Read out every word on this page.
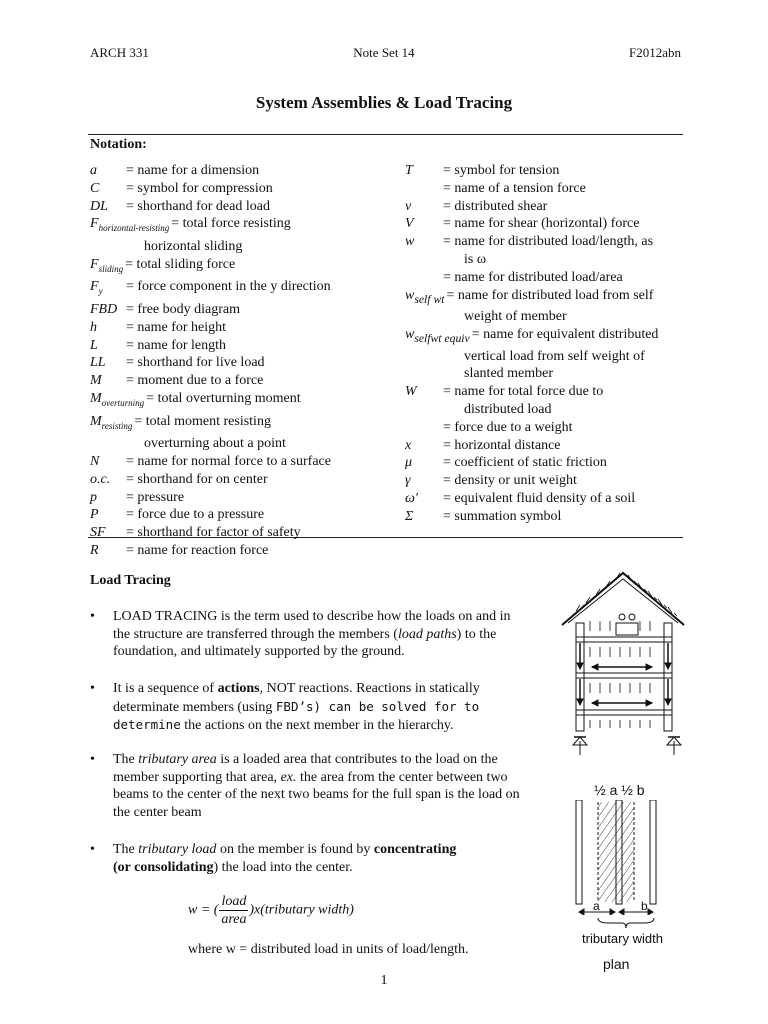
ARCH 331	Note Set 14	F2012abn
System Assemblies & Load Tracing
Notation:
a = name for a dimension
C = symbol for compression
DL = shorthand for dead load
$F_{horizontal-resisting}$ = total force resisting
horizontal sliding
$F_{sliding}$ = total sliding force
$F_y$ = force component in the y direction
FBD = free body diagram
h = name for height
L = name for length
LL = shorthand for live load
M = moment due to a force
$M_{overturning}$ = total overturning moment
$M_{resisting}$ = total moment resisting
overturning about a point
N = name for normal force to a surface
o.c. = shorthand for on center
p = pressure
P = force due to a pressure
SF = shorthand for factor of safety
R = name for reaction force
T = symbol for tension
= name of a tension force
v = distributed shear
V = name for shear (horizontal) force
w = name for distributed load/length, as
is ω
= name for distributed load/area
$w_{self wt}$ = name for distributed load from self
weight of member
$w_{selfwt equiv}$ = name for equivalent distributed
vertical load from self weight of
slanted member
W = name for total force due to
distributed load
= force due to a weight
x = horizontal distance
μ = coefficient of static friction
γ = density or unit weight
ω′ = equivalent fluid density of a soil
Σ = summation symbol
Load Tracing
• LOAD TRACING is the term used to describe how the loads on and in the structure are transferred through the members (load paths) to the foundation, and ultimately supported by the ground.
• It is a sequence of actions, NOT reactions. Reactions in statically determinate members (using FBD’s) can be solved for to determine the actions on the next member in the hierarchy.
• The tributary area is a loaded area that contributes to the load on the member supporting that area, ex. the area from the center between two beams to the center of the next two beams for the full span is the load on the center beam
• The tributary load on the member is found by concentrating
(or consolidating) the load into the center.
w = ( $\frac{\text{load}}{\text{area}}$ )x(tributary width)
where w = distributed load in units of load/length.
½ a ½ b
a	b
tributary width
plan
1
